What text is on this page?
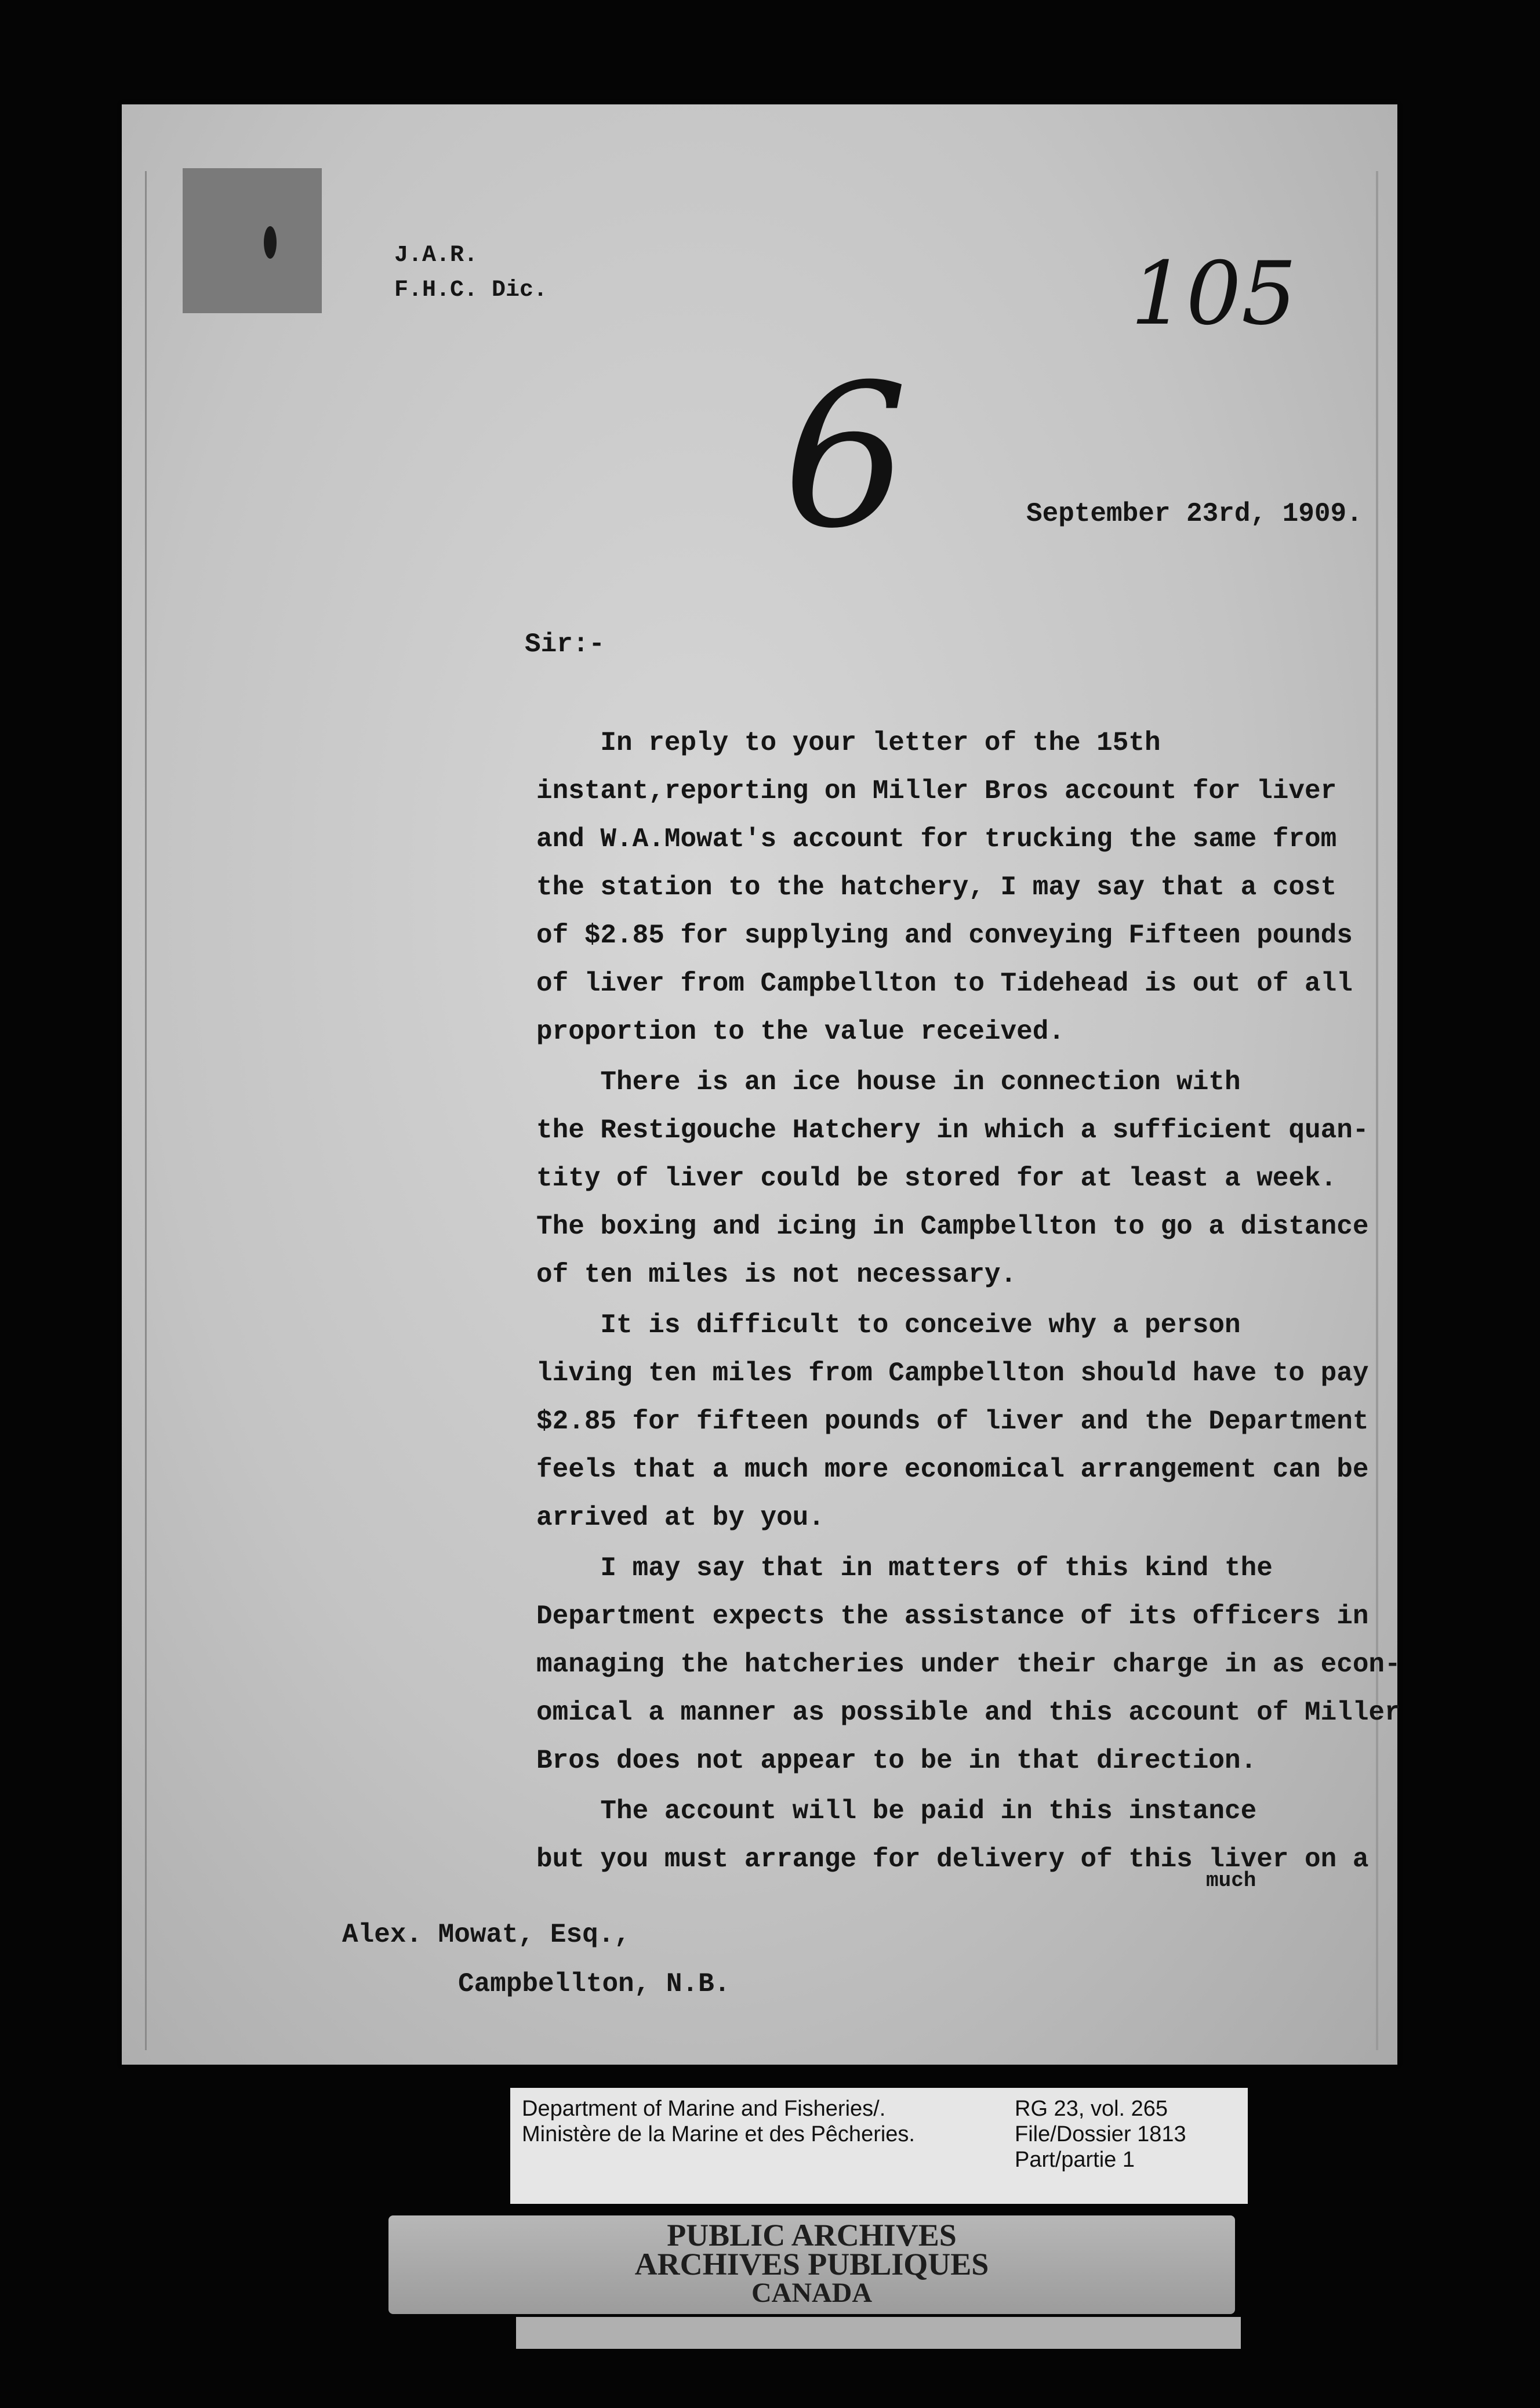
J.A.R.
F.H.C. Dic.	105
6	September 23rd, 1909.
Sir:-
In reply to your letter of the 15th
instant,reporting on Miller Bros account for liver
and W.A.Mowat's account for trucking the same from
the station to the hatchery, I may say that a cost
of $2.85 for supplying and conveying Fifteen pounds
of liver from Campbellton to Tidehead is out of all
proportion to the value received.
There is an ice house in connection with
the Restigouche Hatchery in which a sufficient quan-
tity of liver could be stored for at least a week.
The boxing and icing in Campbellton to go a distance
of ten miles is not necessary.
It is difficult to conceive why a person
living ten miles from Campbellton should have to pay
$2.85 for fifteen pounds of liver and the Department
feels that a much more economical arrangement can be
arrived at by you.
I may say that in matters of this kind the
Department expects the assistance of its officers in
managing the hatcheries under their charge in as econ-
omical a manner as possible and this account of Miller
Bros does not appear to be in that direction.
The account will be paid in this instance
but you must arrange for delivery of this liver on a
much
Alex. Mowat, Esq.,
Campbellton, N.B.
Department of Marine and Fisheries/.
Ministère de la Marine et des Pêcheries.
RG 23, vol. 265
File/Dossier 1813
Part/partie 1
PUBLIC ARCHIVES
ARCHIVES PUBLIQUES
CANADA
